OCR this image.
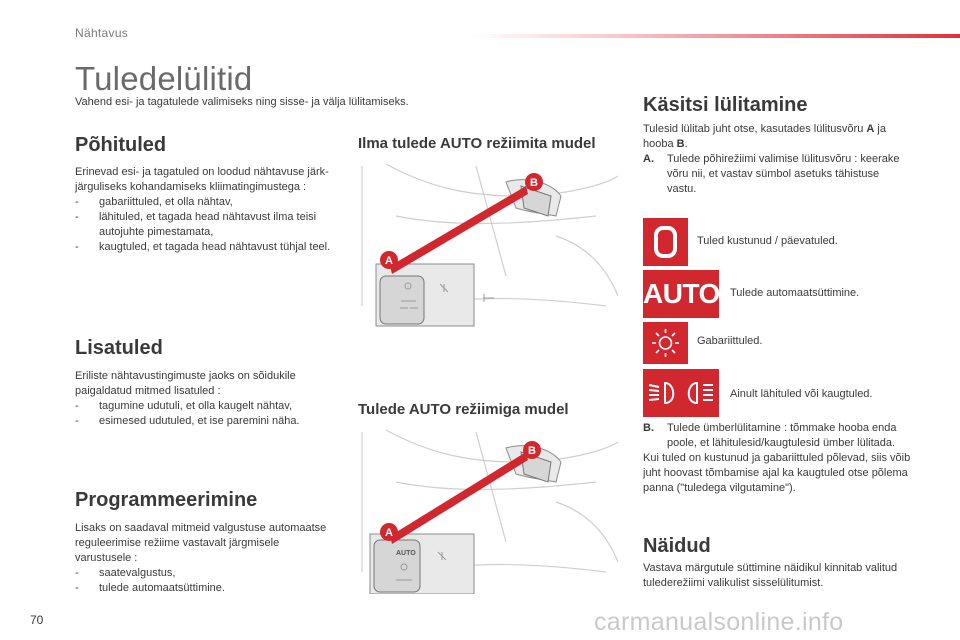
Nähtavus
Tuledelülitid
Vahend esi- ja tagatulede valimiseks ning sisse- ja välja lülitamiseks.
Põhituled

Erinevad esi- ja tagatuled on loodud nähtavuse järk-järguliseks kohandamiseks kliimatingimustega :

- gabariittuled, et olla nähtav,
- lähituled, et tagada head nähtavust ilma teisi autojuhte pimestamata,
- kaugtuled, et tagada head nähtavust tühjal teel.
Lisatuled

Eriliste nähtavustingimuste jaoks on sõidukile paigaldatud mitmed lisatuled :

- tagumine udutuli, et olla kaugelt nähtav,
- esimesed udutuled, et ise paremini näha.
Programmeerimine

Lisaks on saadaval mitmeid valgustuse automaatse reguleerimise režiime vastavalt järgmisele varustusele :

- saatevalgustus,
- tulede automaatsüttimine.
Ilma tulede AUTO režiimita mudel
A
B
Tulede AUTO režiimiga mudel
AUTO
A
B
Käsitsi lülitamine

Tulesid lülitab juht otse, kasutades lülitusvõru A ja hooba B.

A.	Tulede põhirežiimi valimise lülitusvõru : keerake võru nii, et vastav sümbol asetuks tähistuse vastu.
Tuled kustunud / päevatuled.
AUTO Tulede automaatsüttimine.
Gabariittuled.
Ainult lähituled või kaugtuled.
B.	Tulede ümberlülitamine : tõmmake hooba enda poole, et lähitulesid/kaugtulesid ümber lülitada.

Kui tuled on kustunud ja gabariittuled põlevad, siis võib juht hoovast tõmbamise ajal ka kaugtuled otse põlema panna ("tuledega vilgutamine").

Näidud
Vastava märgutule süttimine näidikul kinnitab valitud tulederežiimi valikulist sisselülitumist.
70	carmanualsonline.info
